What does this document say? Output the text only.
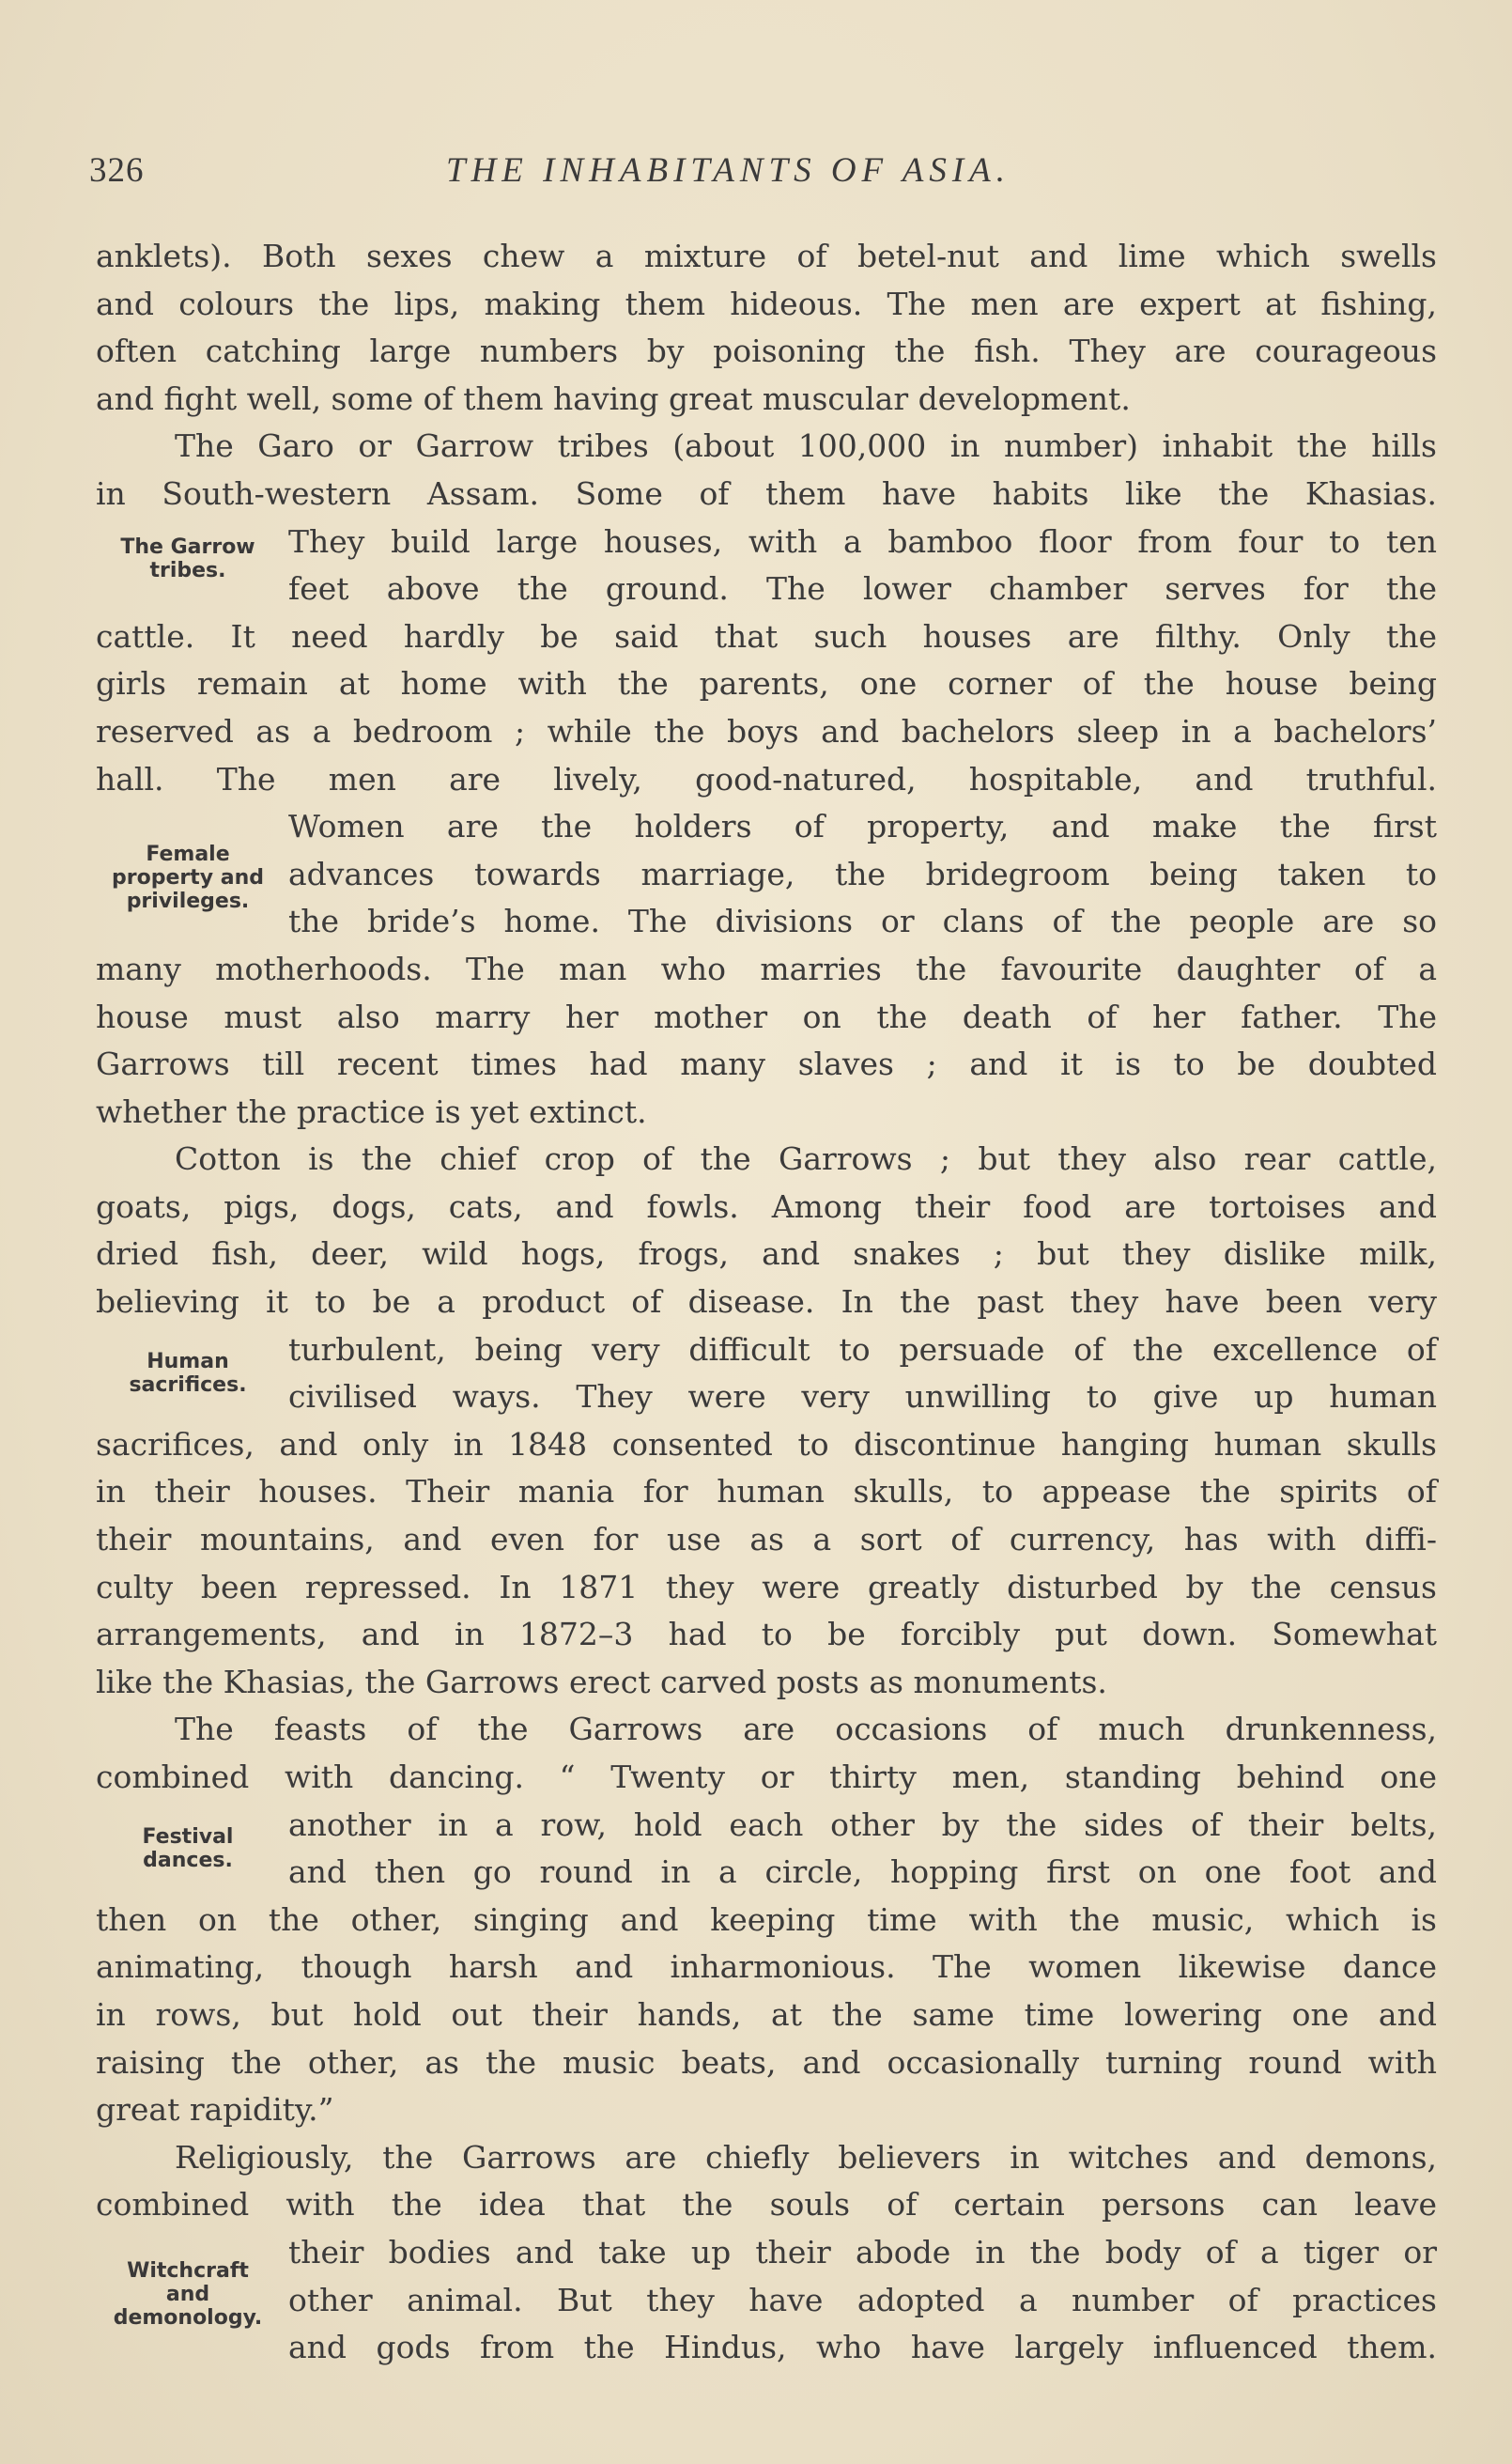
326	THE INHABITANTS OF ASIA.
anklets). Both sexes chew a mixture of betel-nut and lime which swells
and colours the lips, making them hideous. The men are expert at fishing,
often catching large numbers by poisoning the fish. They are courageous
and fight well, some of them having great muscular development.
The Garo or Garrow tribes (about 100,000 in number) inhabit the hills
in South-western Assam. Some of them have habits like the Khasias.
They build large houses, with a bamboo floor from four to ten
feet above the ground. The lower chamber serves for the
cattle. It need hardly be said that such houses are filthy. Only the
girls remain at home with the parents, one corner of the house being
reserved as a bedroom ; while the boys and bachelors sleep in a bachelors’
hall. The men are lively, good-natured, hospitable, and truthful.
Women are the holders of property, and make the first
advances towards marriage, the bridegroom being taken to
the bride’s home. The divisions or clans of the people are so
many motherhoods. The man who marries the favourite daughter of a
house must also marry her mother on the death of her father. The
Garrows till recent times had many slaves ; and it is to be doubted
whether the practice is yet extinct.
Cotton is the chief crop of the Garrows ; but they also rear cattle,
goats, pigs, dogs, cats, and fowls. Among their food are tortoises and
dried fish, deer, wild hogs, frogs, and snakes ; but they dislike milk,
believing it to be a product of disease. In the past they have been very
turbulent, being very difficult to persuade of the excellence of
civilised ways. They were very unwilling to give up human
sacrifices, and only in 1848 consented to discontinue hanging human skulls
in their houses. Their mania for human skulls, to appease the spirits of
their mountains, and even for use as a sort of currency, has with diffi-
culty been repressed. In 1871 they were greatly disturbed by the census
arrangements, and in 1872–3 had to be forcibly put down. Somewhat
like the Khasias, the Garrows erect carved posts as monuments.
The feasts of the Garrows are occasions of much drunkenness,
combined with dancing. “ Twenty or thirty men, standing behind one
another in a row, hold each other by the sides of their belts,
and then go round in a circle, hopping first on one foot and
then on the other, singing and keeping time with the music, which is
animating, though harsh and inharmonious. The women likewise dance
in rows, but hold out their hands, at the same time lowering one and
raising the other, as the music beats, and occasionally turning round with
great rapidity.”
Religiously, the Garrows are chiefly believers in witches and demons,
combined with the idea that the souls of certain persons can leave
their bodies and take up their abode in the body of a tiger or
other animal. But they have adopted a number of practices
and gods from the Hindus, who have largely influenced them.
The Garrow
tribes.
Female
property and
privileges.
Human
sacrifices.
Festival
dances.
Witchcraft
and
demonology.
